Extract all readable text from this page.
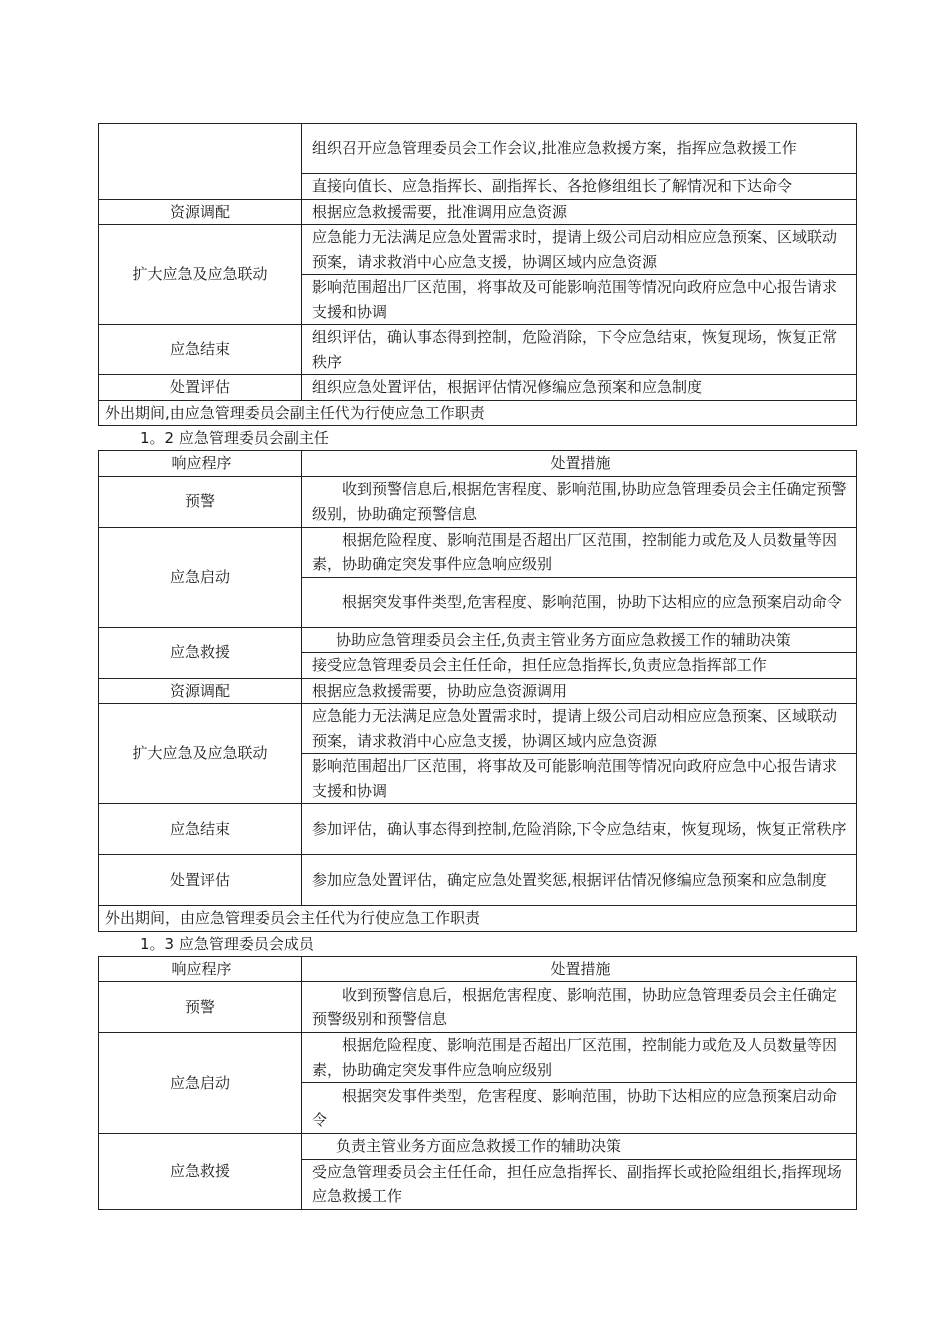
	组织召开应急管理委员会工作会议,批准应急救援方案，指挥应急救援工作
	直接向值长、应急指挥长、副指挥长、各抢修组组长了解情况和下达命令
资源调配	根据应急救援需要，批准调用应急资源
扩大应急及应急联动	应急能力无法满足应急处置需求时，提请上级公司启动相应应急预案、区域联动预案，请求救消中心应急支援，协调区域内应急资源
	影响范围超出厂区范围，将事故及可能影响范围等情况向政府应急中心报告请求支援和协调
应急结束	组织评估，确认事态得到控制，危险消除，下令应急结束，恢复现场，恢复正常秩序
处置评估	组织应急处置评估，根据评估情况修编应急预案和应急制度
外出期间,由应急管理委员会副主任代为行使应急工作职责	
1。2 应急管理委员会副主任
响应程序	处置措施
预警	收到预警信息后,根据危害程度、影响范围,协助应急管理委员会主任确定预警级别，协助确定预警信息
应急启动	根据危险程度、影响范围是否超出厂区范围，控制能力或危及人员数量等因素，协助确定突发事件应急响应级别
	根据突发事件类型,危害程度、影响范围，协助下达相应的应急预案启动命令
应急救援	协助应急管理委员会主任,负责主管业务方面应急救援工作的辅助决策
	接受应急管理委员会主任任命，担任应急指挥长,负责应急指挥部工作
资源调配	根据应急救援需要，协助应急资源调用
扩大应急及应急联动	应急能力无法满足应急处置需求时，提请上级公司启动相应应急预案、区域联动预案，请求救消中心应急支援，协调区域内应急资源
	影响范围超出厂区范围，将事故及可能影响范围等情况向政府应急中心报告请求支援和协调
应急结束	参加评估，确认事态得到控制,危险消除,下令应急结束，恢复现场，恢复正常秩序
处置评估	参加应急处置评估，确定应急处置奖惩,根据评估情况修编应急预案和应急制度
外出期间，由应急管理委员会主任代为行使应急工作职责	
1。3 应急管理委员会成员
响应程序	处置措施
预警	收到预警信息后，根据危害程度、影响范围，协助应急管理委员会主任确定预警级别和预警信息
应急启动	根据危险程度、影响范围是否超出厂区范围，控制能力或危及人员数量等因素，协助确定突发事件应急响应级别
	根据突发事件类型，危害程度、影响范围，协助下达相应的应急预案启动命令
应急救援	负责主管业务方面应急救援工作的辅助决策
	受应急管理委员会主任任命，担任应急指挥长、副指挥长或抢险组组长,指挥现场应急救援工作
